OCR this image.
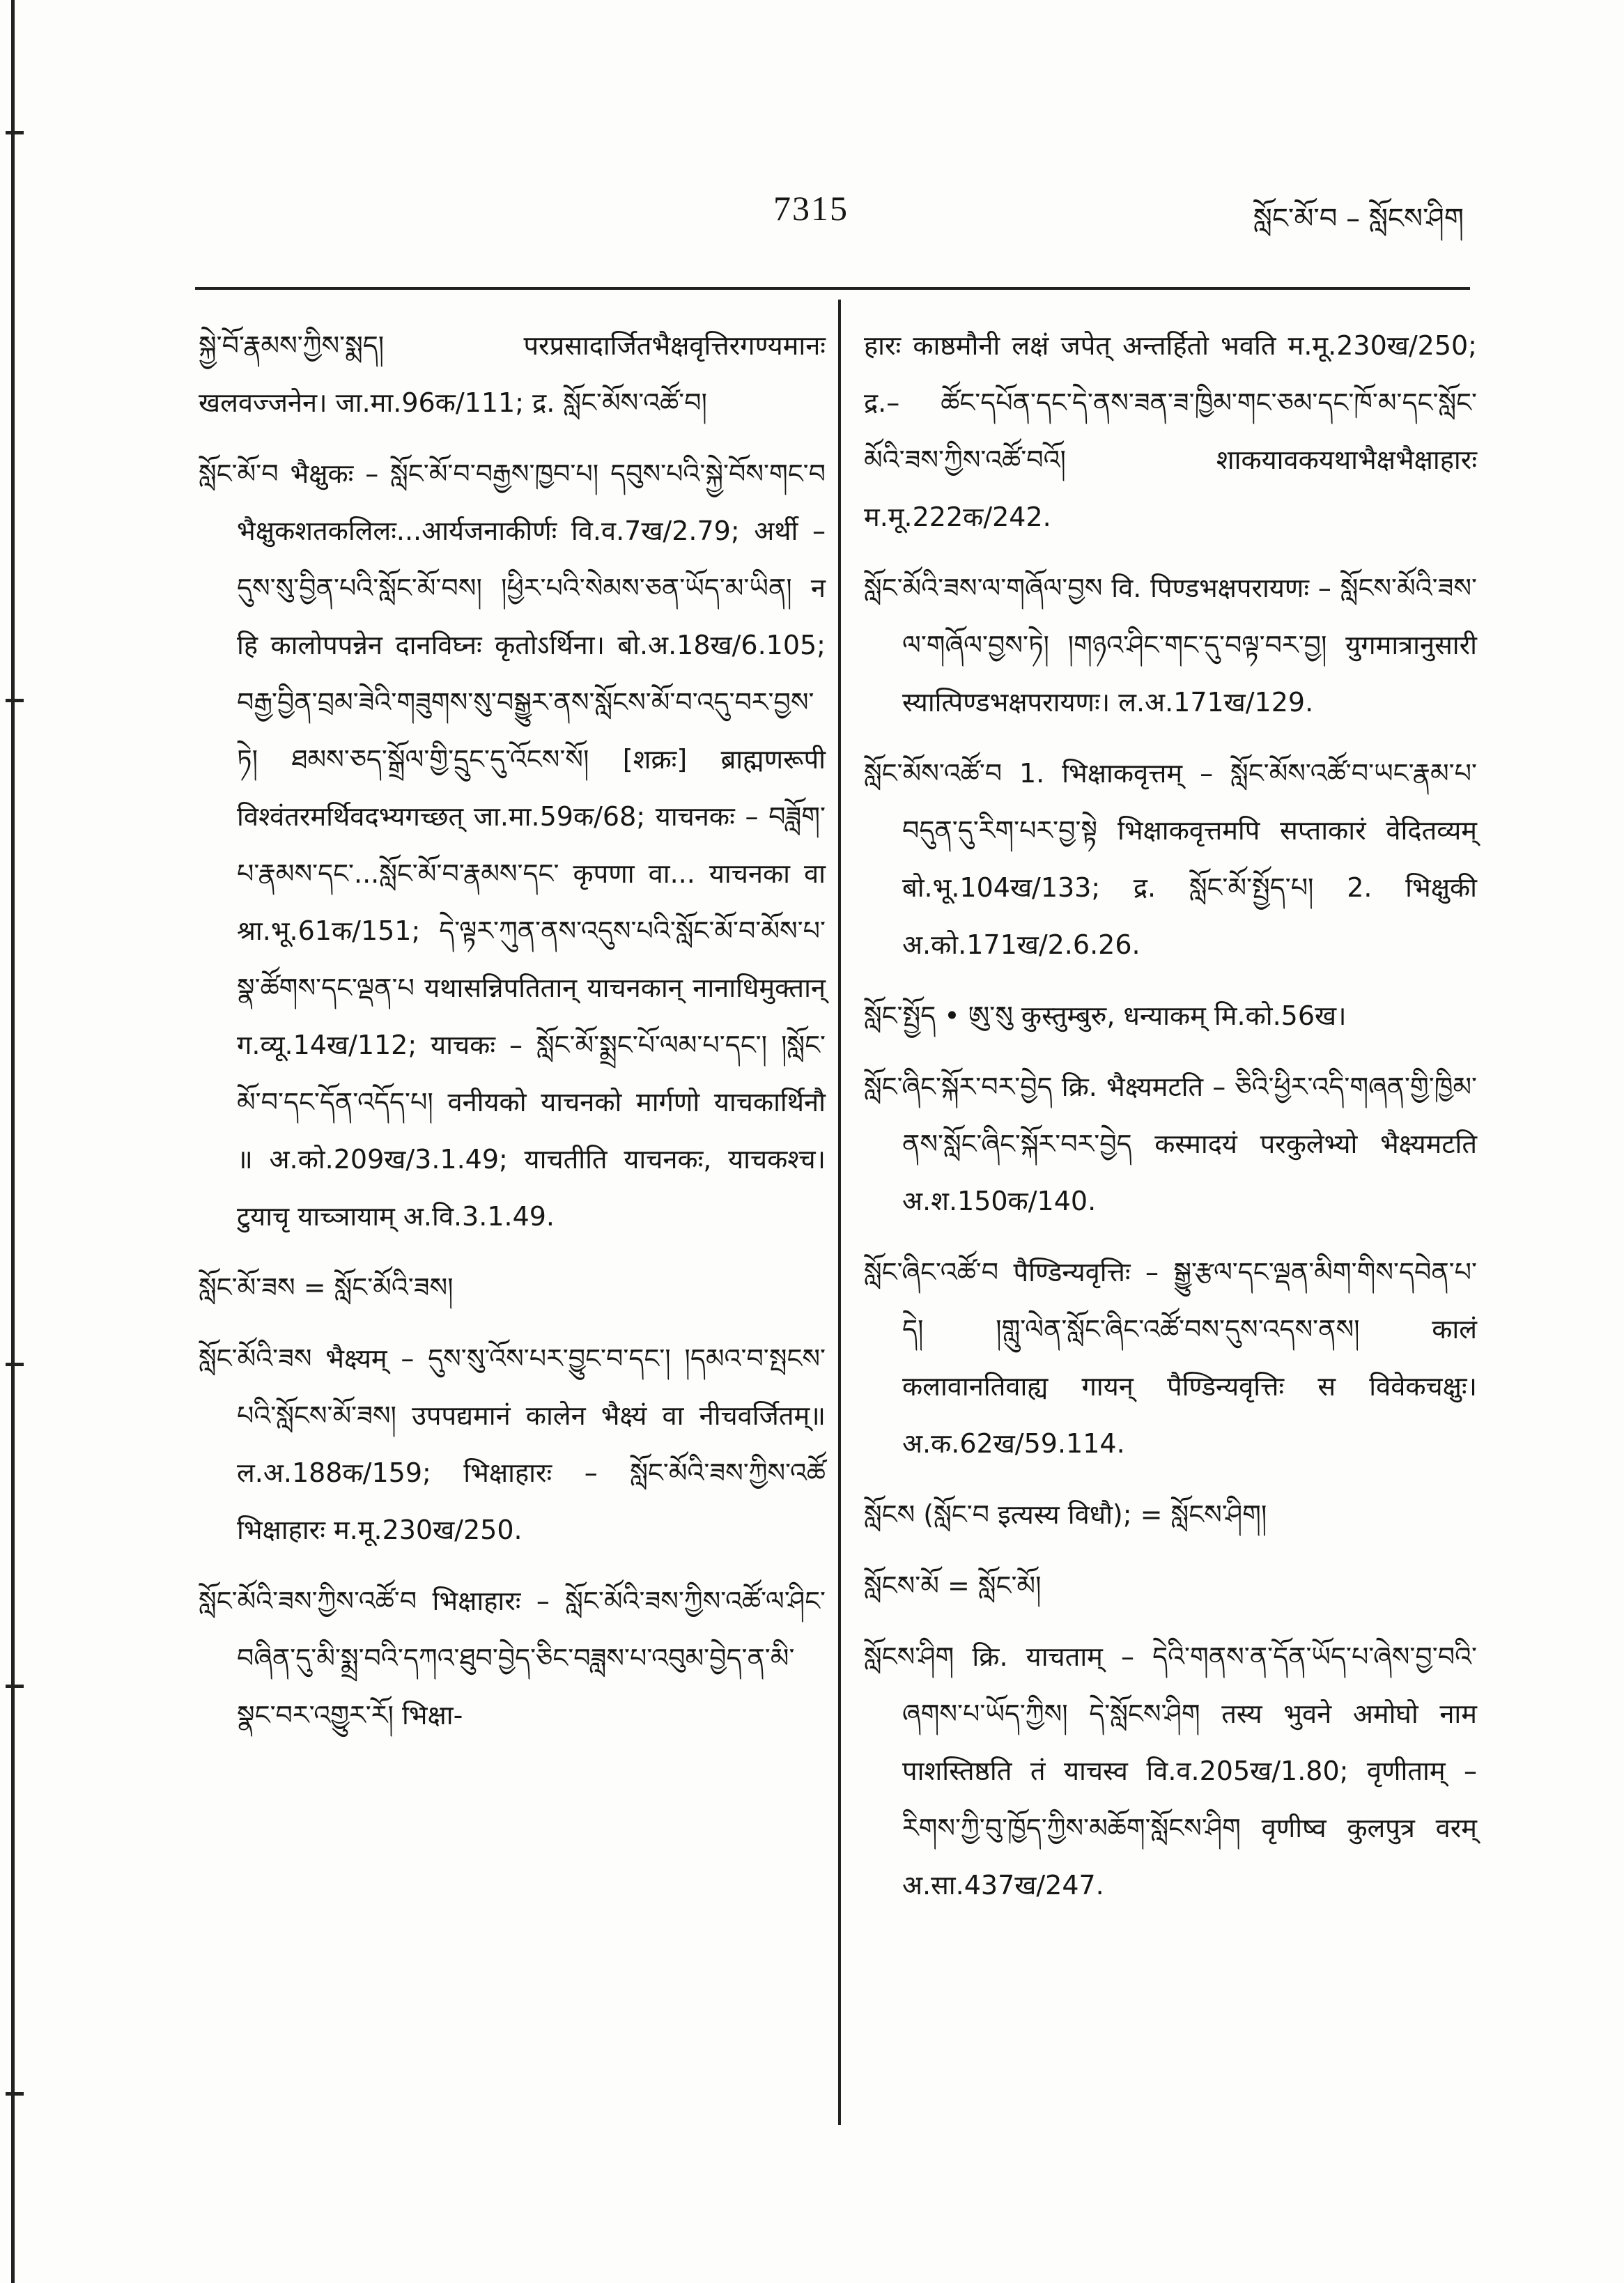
7315	སློང་མོ་བ – སློངས་ཤིག

སྐྱེ་བོ་རྣམས་ཀྱིས་སྨད། परप्रसादार्जितभैक्षवृत्तिरगण्यमानः खलवज्जनेन। जा.मा.96क/111; द्र. སློང་མོས་འཚོ་བ།

སློང་མོ་བ भैक्षुकः – སློང་མོ་བ་བརྒྱས་ཁྱབ་པ། དབུས་པའི་སྐྱེ་བོས་གང་བ भैक्षुकशतकलिलः...आर्यजनाकीर्णः वि.व.7ख/2.79; अर्थी – དུས་སུ་བྱིན་པའི་སློང་མོ་བས། །ཕྱིར་པའི་སེམས་ཅན་ཡོད་མ་ཡིན། न हि कालोपपन्नेन दानविघ्नः कृतोऽर्थिना। बो.अ.18ख/6.105; བརྒྱ་བྱིན་བྲམ་ཟེའི་གཟུགས་སུ་བསྒྱུར་ནས་སློངས་མོ་བ་འདུ་བར་བྱས་ཏེ། ཐམས་ཅད་སྒྲོལ་གྱི་དྲུང་དུ་འོངས་སོ། [शक्रः] ब्राह्मणरूपी विश्वंतरमर्थिवदभ्यगच्छत् जा.मा.59क/68; याचनकः – བཟློག་པ་རྣམས་དང་...སློང་མོ་བ་རྣམས་དང་ कृपणा वा... याचनका वा श्रा.भू.61क/151; དེ་ལྟར་ཀུན་ནས་འདུས་པའི་སློང་མོ་བ་མོས་པ་སྣ་ཚོགས་དང་ལྡན་པ यथासन्निपतितान् याचनकान् नानाधिमुक्तान् ग.व्यू.14ख/112; याचकः – སློང་མོ་སྨྲང་པོ་ལམ་པ་དང་། །སློང་མོ་བ་དང་དོན་འདོད་པ། वनीयको याचनको मार्गणो याचकार्थिनौ ॥ अ.को.209ख/3.1.49; याचतीति याचनकः, याचकश्च। टुयाचृ याच्ञायाम् अ.वि.3.1.49.

སློང་མོ་ཟས = སློང་མོའི་ཟས།

སློང་མོའི་ཟས भैक्ष्यम् – དུས་སུ་འོས་པར་བྱུང་བ་དང་། །དམའ་བ་སྤངས་པའི་སློངས་མོ་ཟས། उपपद्यमानं कालेन भैक्ष्यं वा नीचवर्जितम्॥ ल.अ.188क/159; भिक्षाहारः – སློང་མོའི་ཟས་ཀྱིས་འཚོ भिक्षाहारः म.मू.230ख/250.

སློང་མོའི་ཟས་ཀྱིས་འཚོ་བ भिक्षाहारः – སློང་མོའི་ཟས་ཀྱིས་འཚོ་ལ་ཤིང་བཞིན་དུ་མི་སྨྲ་བའི་དཀའ་ཐུབ་བྱེད་ཅིང་བཟླས་པ་འབུམ་བྱེད་ན་མི་སྣང་བར་འགྱུར་རོ། भिक्षा-

हारः काष्ठमौनी लक्षं जपेत् अन्तर्हितो भवति म.मू.230ख/250; द्र.– ཚོང་དཔོན་དང་དེ་ནས་ཟན་ཟ་ཁྱིམ་གང་ཅམ་དང་ཁོ་མ་དང་སློང་མོའི་ཟས་ཀྱིས་འཚོ་བའོ། शाकयावकयथाभैक्षभैक्षाहारः म.मू.222क/242.

སློང་མོའི་ཟས་ལ་གཞོལ་བྱས वि. पिण्डभक्षपरायणः – སློངས་མོའི་ཟས་ལ་གཞོལ་བྱས་ཏེ། །གཉའ་ཤིང་གང་དུ་བལྟ་བར་བྱ། युगमात्रानुसारी स्यात्पिण्डभक्षपरायणः। ल.अ.171ख/129.

སློང་མོས་འཚོ་བ 1. भिक्षाकवृत्तम् – སློང་མོས་འཚོ་བ་ཡང་རྣམ་པ་བདུན་དུ་རིག་པར་བྱ་སྟེ भिक्षाकवृत्तमपि सप्ताकारं वेदितव्यम् बो.भू.104ख/133; द्र. སློང་མོ་སྤྱོད་པ། 2. भिक्षुकी अ.को.171ख/2.6.26.

སློང་སྤྱོད • ཨུ་སུ कुस्तुम्बुरु, धन्याकम् मि.को.56ख।

སློང་ཞིང་སྐོར་བར་བྱེད क्रि. भैक्ष्यमटति – ཅིའི་ཕྱིར་འདི་གཞན་གྱི་ཁྱིམ་ནས་སློང་ཞིང་སྐོར་བར་བྱེད कस्मादयं परकुलेभ्यो भैक्ष्यमटति अ.श.150क/140.

སློང་ཞིང་འཚོ་བ पैण्डिन्यवृत्तिः – སྒྱུ་རྩལ་དང་ལྡན་མིག་གིས་དབེན་པ་དེ། །གླུ་ལེན་སློང་ཞིང་འཚོ་བས་དུས་འདས་ནས། कालं कलावानतिवाह्य गायन् पैण्डिन्यवृत्तिः स विवेकचक्षुः। अ.क.62ख/59.114.

སློངས (སློང་བ इत्यस्य विधौ); = སློངས་ཤིག།

སློངས་མོ = སློང་མོ།

སློངས་ཤིག क्रि. याचताम् – དེའི་གནས་ན་དོན་ཡོད་པ་ཞེས་བྱ་བའི་ཞགས་པ་ཡོད་ཀྱིས། དེ་སློངས་ཤིག तस्य भुवने अमोघो नाम पाशस्तिष्ठति तं याचस्व वि.व.205ख/1.80; वृणीताम् – རིགས་ཀྱི་བུ་ཁྱོད་ཀྱིས་མཆོག་སློངས་ཤིག वृणीष्व कुलपुत्र वरम् अ.सा.437ख/247.
